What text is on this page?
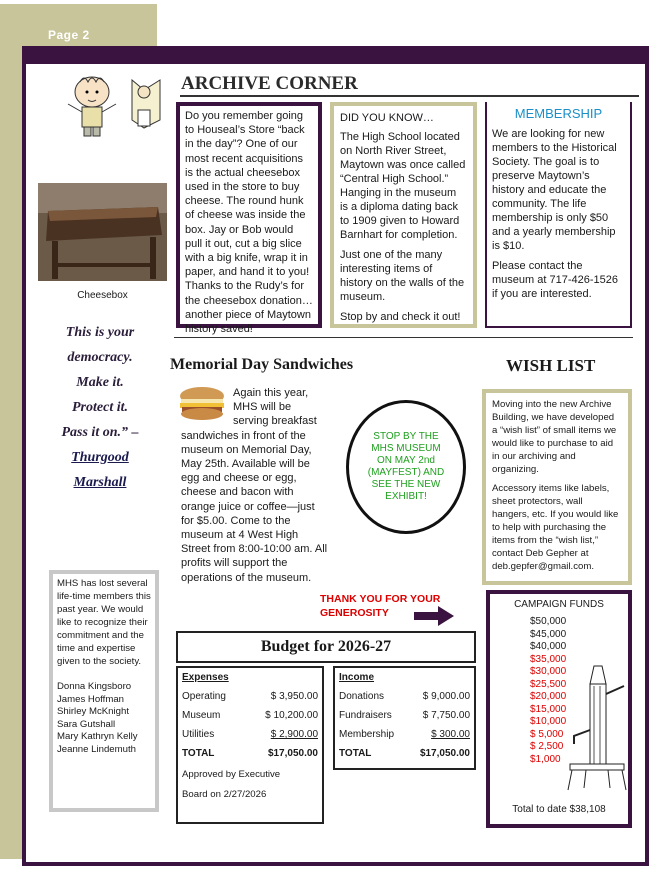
Page 2
ARCHIVE CORNER
Do you remember going to Houseal’s Store “back in the day”? One of our most recent acquisitions is the actual cheesebox used in the store to buy cheese. The round hunk of cheese was inside the box. Jay or Bob would pull it out, cut a big slice with a big knife, wrap it in paper, and hand it to you! Thanks to the Rudy’s for the cheesebox donation…another piece of Maytown history saved!
DID YOU KNOW…
The High School located on North River Street, Maytown was once called “Central High School.” Hanging in the museum is a diploma dating back to 1909 given to Howard Barnhart for completion.
Just one of the many interesting items of history on the walls of the museum.
Stop by and check it out!
MEMBERSHIP
We are looking for new members to the Historical Society. The goal is to preserve Maytown’s history and educate the community. The life membership is only $50 and a yearly membership is $10.
Please contact the museum at 717-426-1526 if you are interested.
Cheesebox
This is your
democracy.
Make it.
Protect it.
Pass it on.” –
Thurgood
Marshall
Memorial Day Sandwiches
Again this year, MHS will be serving breakfast sandwiches in front of the museum on Memorial Day, May 25th. Available will be egg and cheese or egg, cheese and bacon with orange juice or coffee—just for $5.00. Come to the museum at 4 West High Street from 8:00-10:00 am. All profits will support the operations of the museum.
STOP BY THE MHS MUSEUM ON MAY 2nd (MAYFEST) AND SEE THE NEW EXHIBIT!
WISH LIST
Moving into the new Archive Building, we have developed a “wish list” of small items we would like to purchase to aid in our archiving and organizing.
Accessory items like labels, sheet protectors, wall hangers, etc. If you would like to help with purchasing the items from the “wish list,” contact Deb Gepher at deb.gepfer@gmail.com.
MHS has lost several life-time members this past year. We would like to recognize their commitment and the time and expertise given to the society.
Donna Kingsboro
James Hoffman
Shirley McKnight
Sara Gutshall
Mary Kathryn Kelly
Jeanne Lindemuth
THANK YOU FOR YOUR GENEROSITY
Budget for 2026-27
Expenses
Operating	$ 3,950.00
Museum	$ 10,200.00
Utilities	$ 2,900.00
TOTAL	$17,050.00
Approved by Executive Board on 2/27/2026
Income
Donations	$ 9,000.00
Fundraisers	$ 7,750.00
Membership	$ 300.00
TOTAL	$17,050.00
CAMPAIGN FUNDS
$50,000
$45,000
$40,000
$35,000
$30,000
$25,500
$20,000
$15,000
$10,000
$ 5,000
$ 2,500
$1,000
Total to date $38,108
